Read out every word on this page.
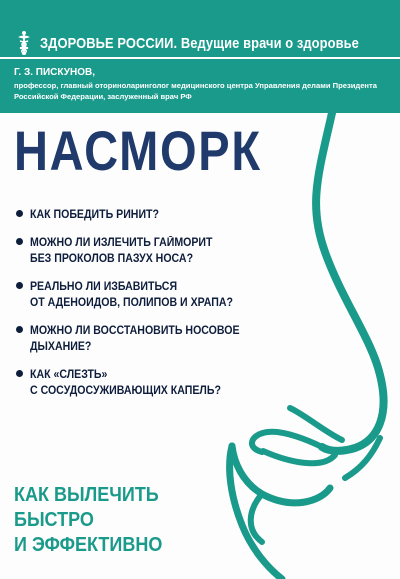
ЗДОРОВЬЕ РОССИИ. Ведущие врачи о здоровье
Г. З. ПИСКУНОВ,
профессор, главный оториноларинголог медицинского центра Управления делами Президента Российской Федерации, заслуженный врач РФ
НАСМОРК
КАК ПОБЕДИТЬ РИНИТ?
МОЖНО ЛИ ИЗЛЕЧИТЬ ГАЙМОРИТ
БЕЗ ПРОКОЛОВ ПАЗУХ НОСА?
РЕАЛЬНО ЛИ ИЗБАВИТЬСЯ
ОТ АДЕНОИДОВ, ПОЛИПОВ И ХРАПА?
МОЖНО ЛИ ВОССТАНОВИТЬ НОСОВОЕ
ДЫХАНИЕ?
КАК «СЛЕЗТЬ»
С СОСУДОСУЖИВАЮЩИХ КАПЕЛЬ?
КАК ВЫЛЕЧИТЬ
БЫСТРО
И ЭФФЕКТИВНО
